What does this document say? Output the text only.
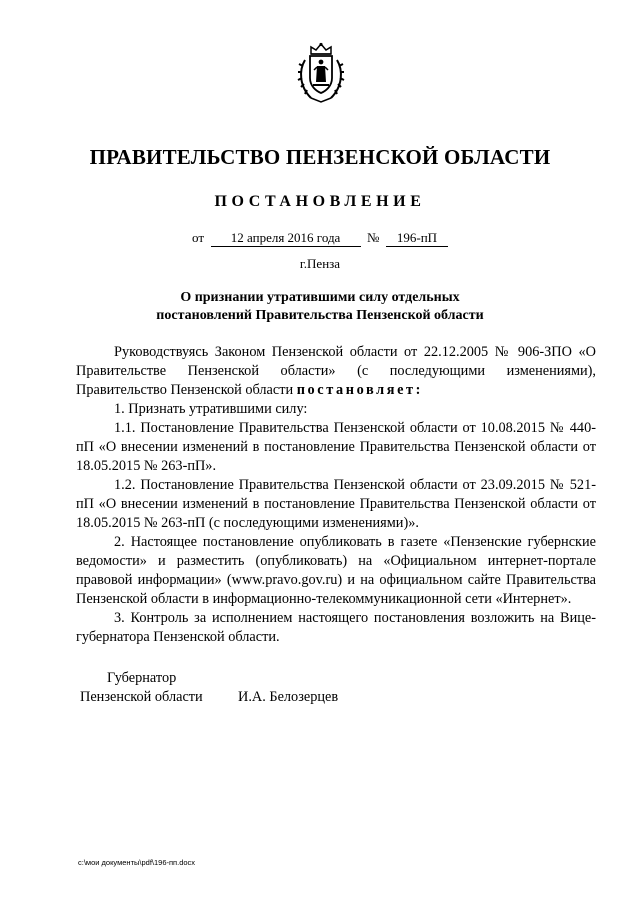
ПРАВИТЕЛЬСТВО ПЕНЗЕНСКОЙ ОБЛАСТИ
ПОСТАНОВЛЕНИЕ
от 12 апреля 2016 года № 196-пП
г.Пенза
О признании утратившими силу отдельных
постановлений Правительства Пензенской области

Руководствуясь Законом Пензенской области от 22.12.2005 № 906-ЗПО «О Правительстве Пензенской области» (с последующими изменениями), Правительство Пензенской области постановляет:

1. Признать утратившими силу:

1.1. Постановление Правительства Пензенской области от 10.08.2015 № 440-пП «О внесении изменений в постановление Правительства Пензенской области от 18.05.2015 № 263-пП».

1.2. Постановление Правительства Пензенской области от 23.09.2015 № 521-пП «О внесении изменений в постановление Правительства Пензенской области от 18.05.2015 № 263-пП (с последующими изменениями)».

2. Настоящее постановление опубликовать в газете «Пензенские губернские ведомости» и разместить (опубликовать) на «Официальном интернет-портале правовой информации» (www.pravo.gov.ru) и на официальном сайте Правительства Пензенской области в информационно-телекоммуникационной сети «Интернет».

3. Контроль за исполнением настоящего постановления возложить на Вице-губернатора Пензенской области.

Губернатор
Пензенской области И.А. Белозерцев
c:\мои документы\pdf\196-пп.docx
